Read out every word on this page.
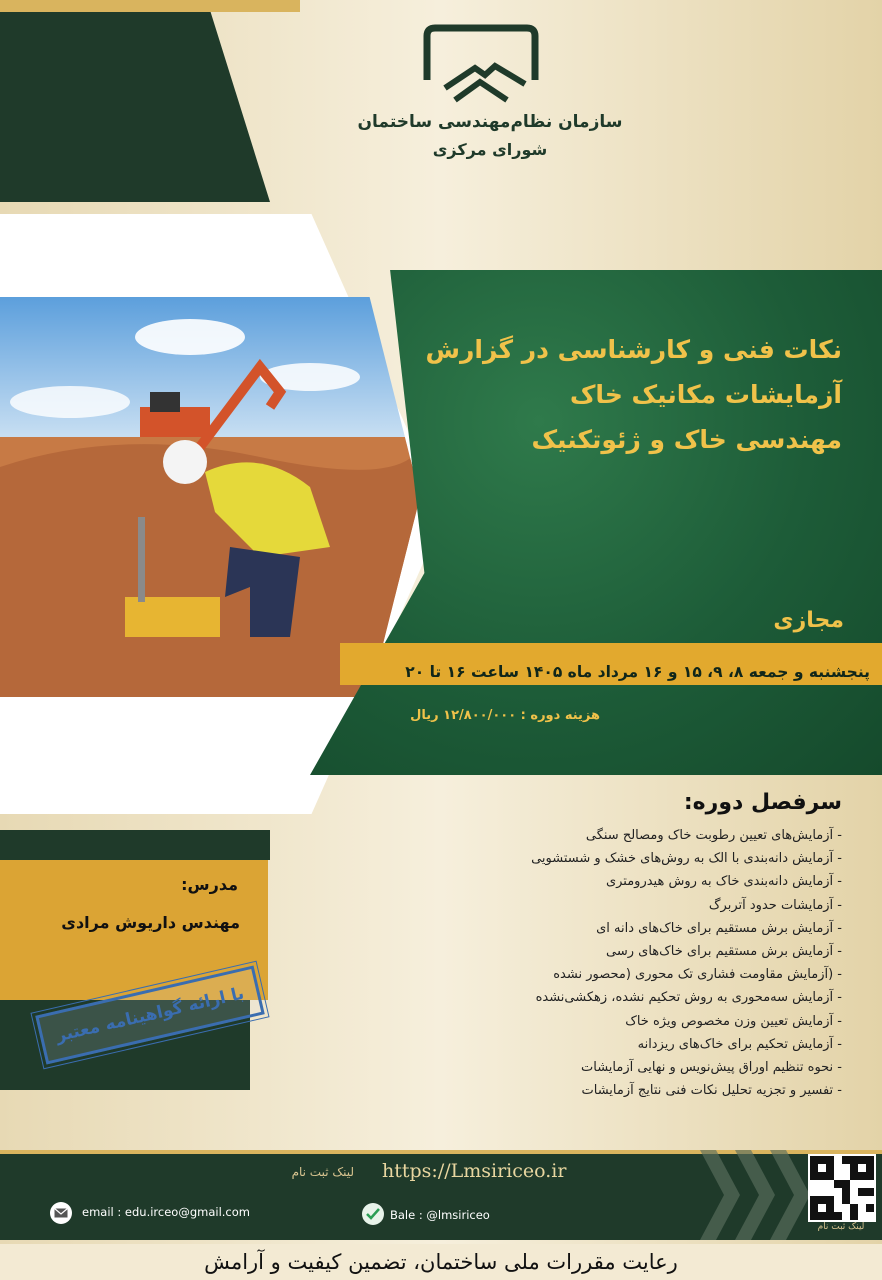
سازمان نظام‌مهندسی ساختمان
شورای مرکزی
نکات فنی و کارشناسی در گزارش
آزمایشات مکانیک خاک
مهندسی خاک و ژئوتکنیک
مجازی
پنجشنبه و جمعه ۸، ۹، ۱۵ و ۱۶ مرداد ماه ۱۴۰۵ ساعت ۱۶ تا ۲۰
هزینه دوره : ۱۲/۸۰۰/۰۰۰ ریال
سرفصل دوره:
- آزمایش‌های تعیین رطوبت خاک ومصالح سنگی
- آزمایش دانه‌بندی با الک به روش‌های خشک و شستشویی
- آزمایش دانه‌بندی خاک به روش هیدرومتری
- آزمایشات حدود آتربرگ
- آزمایش برش مستقیم برای خاک‌های دانه ای
- آزمایش برش مستقیم برای خاک‌های رسی
- (آزمایش مقاومت فشاری تک محوری (محصور نشده
- آزمایش سه‌محوری به روش تحکیم نشده، زهکشی‌نشده
- آزمایش تعیین وزن مخصوص ویژه خاک
- آزمایش تحکیم برای خاک‌های ریزدانه
- نحوه تنظیم اوراق پیش‌نویس و نهایی آزمایشات
- تفسیر و تجزیه تحلیل نکات فنی نتایج آزمایشات
مدرس:
مهندس داریوش مرادی
با ارائه گواهینامه معتبر
لینک ثبت نام https://Lmsiriceo.ir
email : edu.irceo@gmail.com	Bale : @lmsiriceo
لینک ثبت نام
رعایت مقررات ملی ساختمان، تضمین کیفیت و آرامش
